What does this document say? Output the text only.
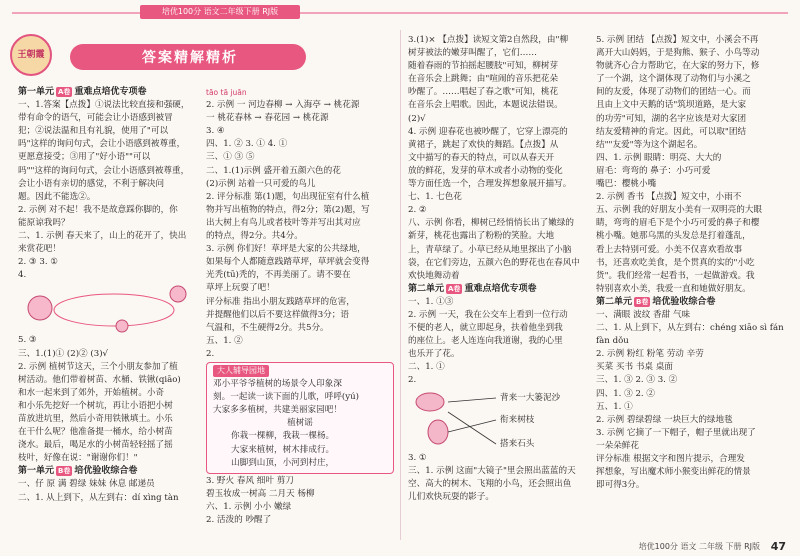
培优100分 语文二年级下册 RJ版
王朝霞	答案精解精析

第一单元 A卷 重难点培优专项卷

一、1.答案【点拨】①说法比较直接和强硬，

带有命令的语气，可能会让小语感到被冒

犯；②说法温和且有礼貌，使用了"可以

吗"这样的询问句式，会让小语感到被尊重，

更愿意接受；③用了"好小语""可以

吗""这样的询问句式，会让小语感到被尊重，

会让小语有亲切的感觉，不利于解决问

题。因此不能选②。

2. 示例 对不起！我不是故意踩你脚的，你

能原谅我吗？

二、1. 示例 春天来了，山上的花开了，快出

来赏花吧！

2. ③ 3. ①

4.

5. ③

三、1.(1)① (2)② (3)√

2. 示例 植树节这天，三个小朋友参加了植

树活动。他们带着树苗、水桶、铁锹(qiāo)

和水一起来到了郊外，开始植树。小奇

和小乐先挖好一个树坑，再让小语把小树

苗放进坑里，然后小奇用铁锹填土。小乐

在干什么呢？他准备提一桶水，给小树苗

浇水。最后，喝足水的小树苗轻轻摇了摇

枝叶，好像在说："谢谢你们！"

第一单元 B卷 培优验收综合卷

一、仔 原 满 碧绿 妹妹 休息 邮递员

二、1. 从上到下，从左到右：dí xìng tàn

tāo tā juān

2. 示例 一 河边春柳 → 入海亭 → 桃花源

一 桃花春林 → 春花园 → 桃花源

3. ④

四、1. ② 3. ① 4. ①

三、① ③ ⑤

二、1.(1)示例 盛开着五颜六色的花

(2)示例 站着一只可爱的鸟儿

2. 评分标准 第(1)题，句出现征室有什么植

物并写出植物的特点，得2分；第(2)题，写

出大树上有鸟儿或者枝叶等并写出其对应

的特点，得2分。共4分。

3. 示例 你们好！草坪是大家的公共绿地，

如果每个人都随意践踏草坪，草坪就会变得

光秃(tū)秃的，不再美丽了。请不要在

草坪上玩耍了吧！

评分标准 指出小朋友践踏草坪的危害，

并提醒他们以后不要这样做得3分；语

气温和，不生硬得2分。共5分。

五、1. ②

2.

大人辅导园地

邓小平爷爷植树的场景令人印象深

刻。一起读一读下面的儿歌，呼呼(yú)

大家多多植树，共建美丽家园吧！

植树谣

你栽一棵柳，我栽一棵杨。

大家来植树，树木排成行。

山脚到山顶，小河到村庄，

3. 野火 春风 细叶 剪刀

碧玉妆成一树高 二月天 杨柳

六、1. 示例 小小 嫩绿

2. 活泼的 吵醒了

3.(1)× 【点拨】读短文第2自然段，由"柳

树芽被法的嫩芽叫醒了，它们……

随着春雨的节拍摇起腰肢"可知，柳树芽

在音乐会上跳舞；由"喧闹的音乐把花朵

吵醒了。……唱起了春之歌"可知，桃花

在音乐会上唱歌。因此，本题说法错误。

(2)√

4. 示例 迎春花也被吵醒了，它穿上漂亮的

黄裙子，跳起了欢快的舞蹈。【点拨】从

文中描写的春天的特点，可以从春天开

放的鲜花，发芽的草木或者小动物的变化

等方面任选一个，合理发挥想象展开描写。

七、1. 七色花

2. ②

八、示例 你看，柳树已经悄悄长出了嫩绿的

新芽，桃花也露出了粉粉的笑脸。大地

上，青草绿了。小草已经从地里探出了小脑

袋，在它们旁边，五颜六色的野花也在春风中

欢快地舞动着

第二单元 A卷 重难点培优专项卷

一、1. ①③

2. 示例 一天，我在公交车上看到一位行动

不便的老人，就立即起身，扶着他坐到我

的座位上。老人连连向我道谢，我的心里

也乐开了花。

二、1. ①

2.

背来一大篓泥沙
衔来树枝
搭来石头

3. ①

三、1. 示例 这面"大镜子"里会照出蓝蓝的天

空、高大的树木、飞翔的小鸟，还会照出鱼

儿们欢快玩耍的影子。

5. 示例 团结 【点拨】短文中，小溪会不再

离开大山妈妈，于是狗熊、猴子、小鸟等动

物就齐心合力帮助它，在大家的努力下，修

了一个湖，这个湖体现了动物们与小溪之

间的友爱，体现了动物们的团结一心。而

且由上文中天鹅的话"筑坝道路，是大家

的功劳"可知，湖的名字应该是对大家团

结友爱精神的肯定。因此，可以取"团结

结""友爱"等为这个湖起名。

四、1. 示例 眼睛：明亮、大大的

眉毛：弯弯的 鼻子：小巧可爱

嘴巴：樱桃小嘴

2. 示例 香书 【点拨】短文中，小雨不

五、示例 我的好朋友小美有一双明亮的大眼

睛，弯弯的眉毛下是个小巧可爱的鼻子和樱

桃小嘴。她那乌黑的头发总是打着蓬乱，

看上去特别可爱。小美不仅喜欢看故事

书，还喜欢吃美食，是个贯真的实的"小吃

货"。我们经常一起看书，一起做游戏。我

特别喜欢小美，我爱一直和她做好朋友。

第二单元 B卷 培优验收综合卷

一、满眼 波纹 香甜 气味

二、1. 从上到下，从左到右：chéng xiāo sì fán fàn dǒu

2. 示例 粉红 粉笔 劳动 辛劳

买菜 买书 书桌 桌面

三、1. ③ 2. ③ 3. ②

四、1. ③ 2. ②

五、1. ①

2. 示例 碧绿碧绿 一块巨大的绿地毯

3. 示例 它摘了一下帽子，帽子里就出现了

一朵朵鲜花

评分标准 根据文字和图片提示，合理发

挥想象，写出魔术师小猴变出鲜花的情景

即可得3分。

培优100分 语文 二年级 下册 RJ版 47
